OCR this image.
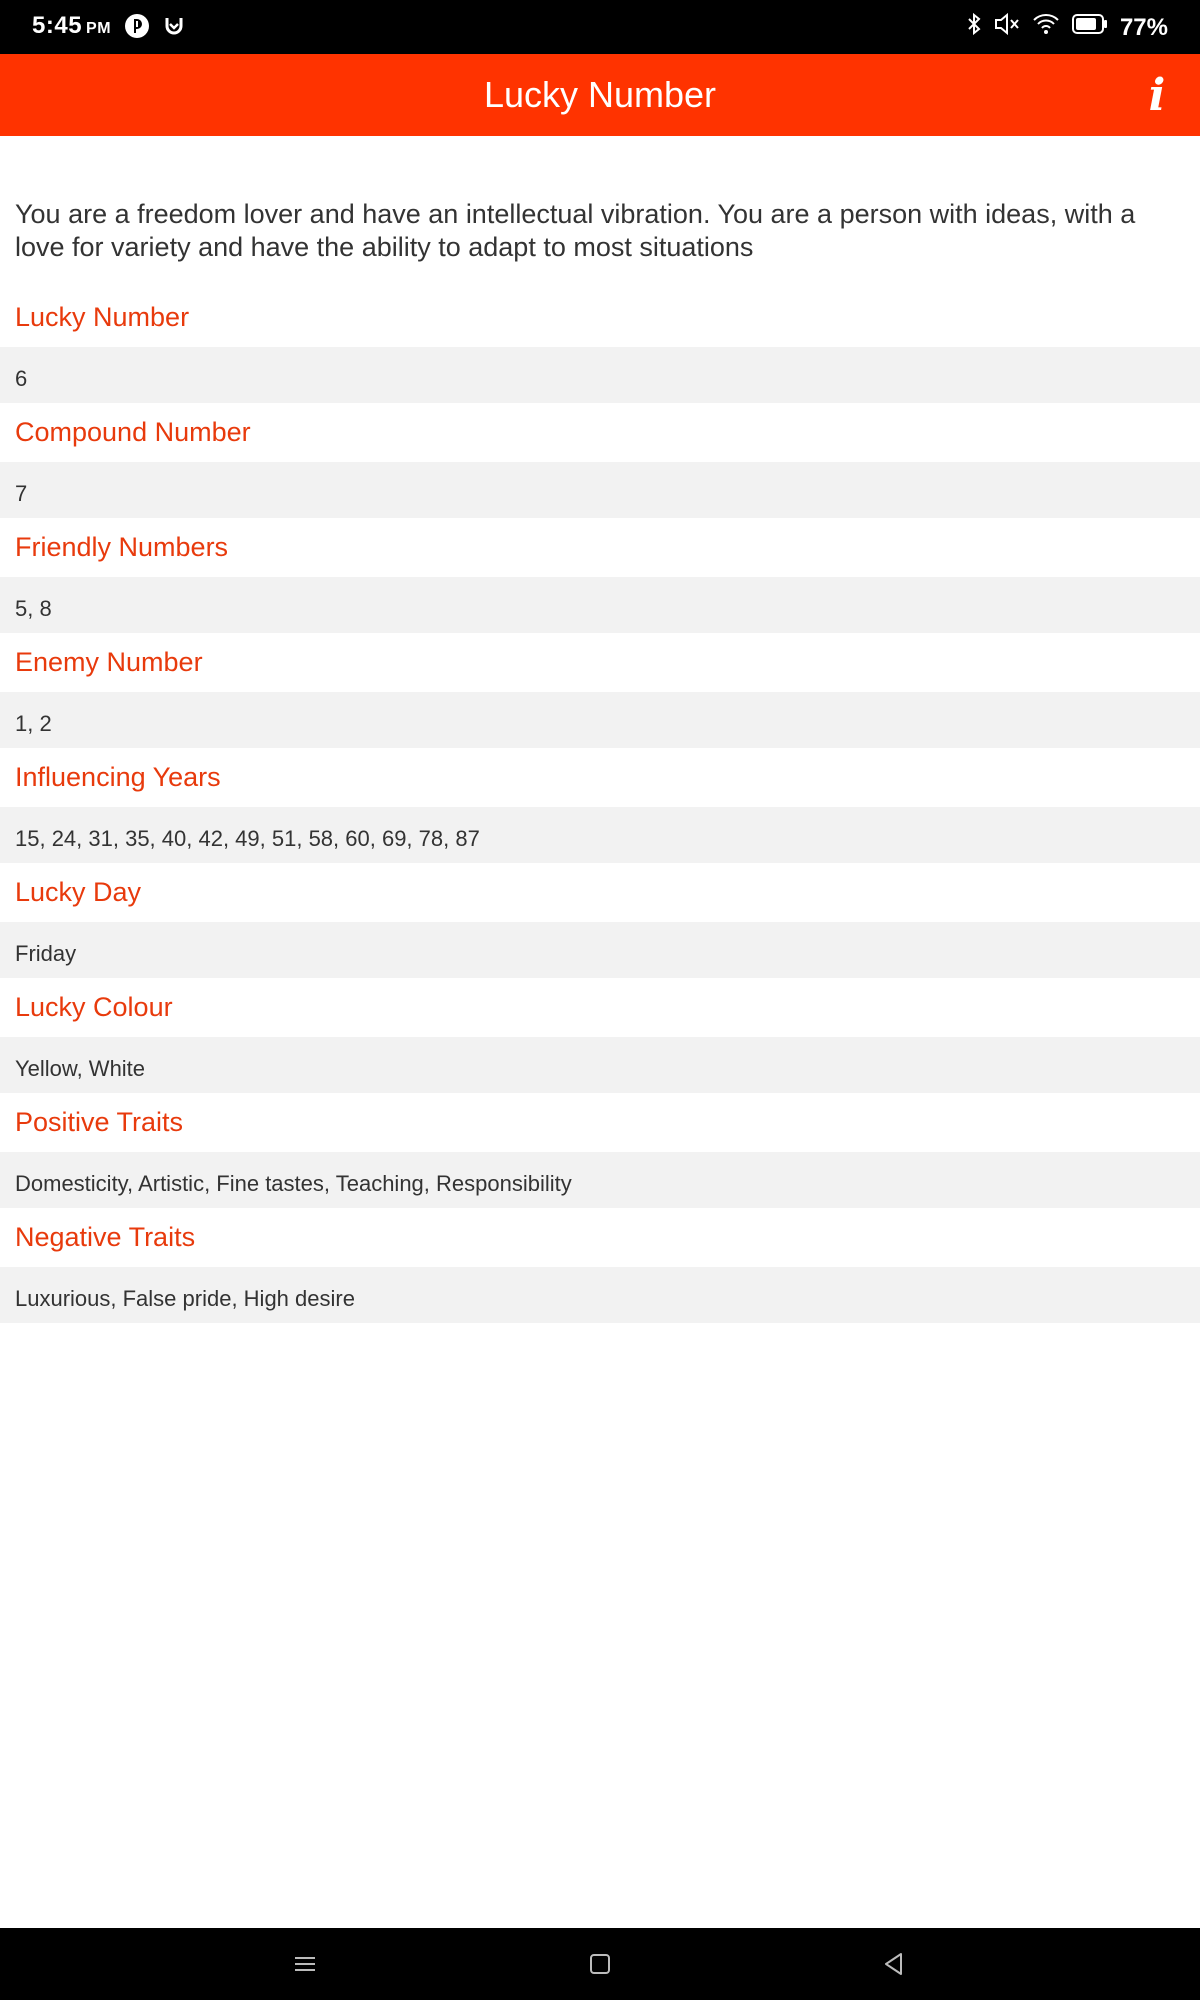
5:45 PM	77%
Lucky Number	i

You are a freedom lover and have an intellectual vibration. You are a person with ideas, with a love for variety and have the ability to adapt to most situations

Lucky Number
6
Compound Number
7
Friendly Numbers
5, 8
Enemy Number
1, 2
Influencing Years
15, 24, 31, 35, 40, 42, 49, 51, 58, 60, 69, 78, 87
Lucky Day
Friday
Lucky Colour
Yellow, White
Positive Traits
Domesticity, Artistic, Fine tastes, Teaching, Responsibility
Negative Traits
Luxurious, False pride, High desire
